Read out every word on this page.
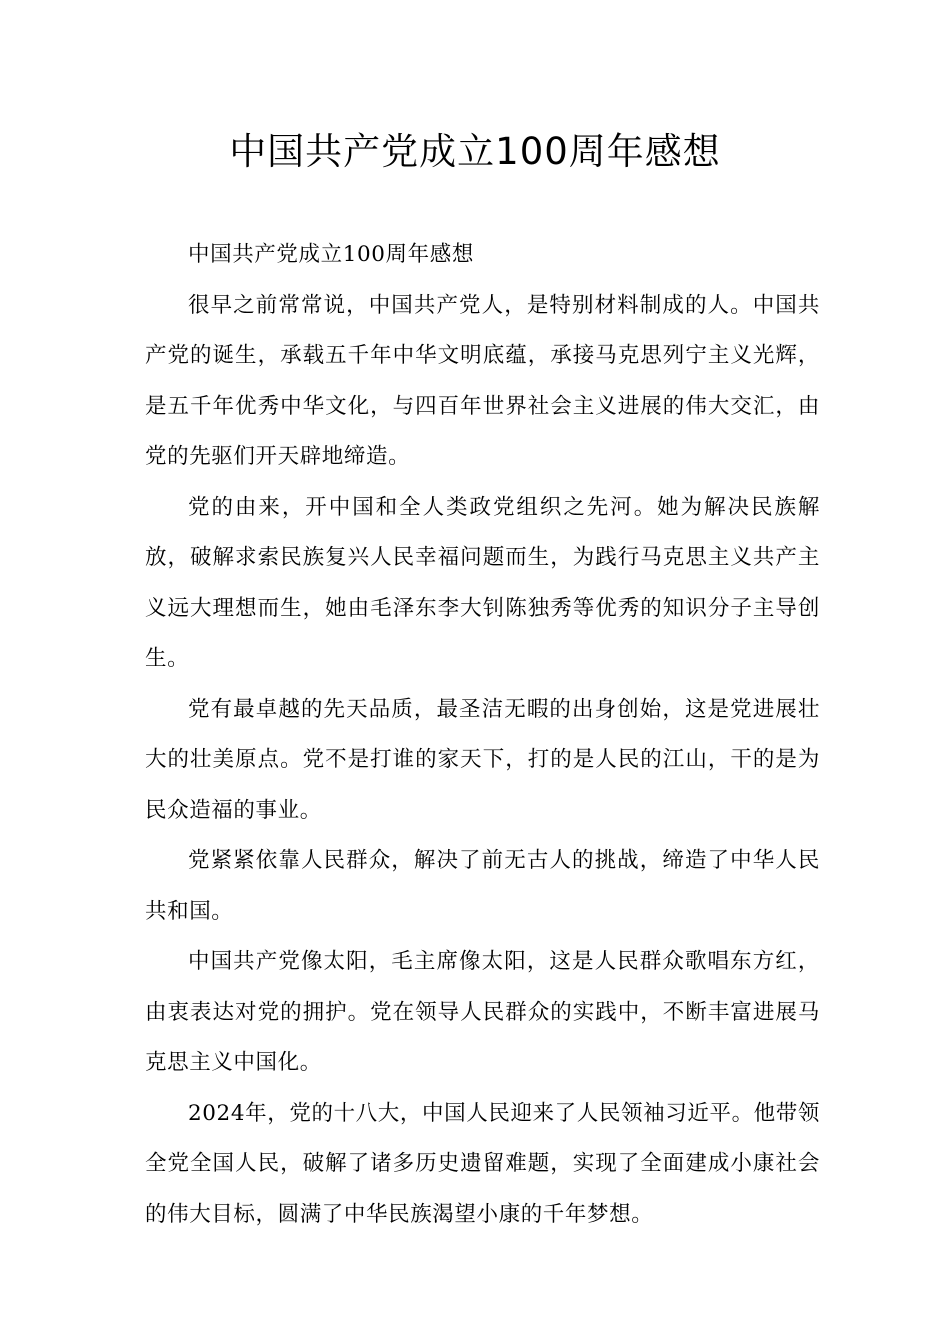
中国共产党成立100周年感想

中国共产党成立100周年感想

很早之前常常说，中国共产党人，是特别材料制成的人。中国共产党的诞生，承载五千年中华文明底蕴，承接马克思列宁主义光辉，是五千年优秀中华文化，与四百年世界社会主义进展的伟大交汇，由党的先驱们开天辟地缔造。

党的由来，开中国和全人类政党组织之先河。她为解决民族解放，破解求索民族复兴人民幸福问题而生，为践行马克思主义共产主义远大理想而生，她由毛泽东李大钊陈独秀等优秀的知识分子主导创生。

党有最卓越的先天品质，最圣洁无暇的出身创始，这是党进展壮大的壮美原点。党不是打谁的家天下，打的是人民的江山，干的是为民众造福的事业。

党紧紧依靠人民群众，解决了前无古人的挑战，缔造了中华人民共和国。

中国共产党像太阳，毛主席像太阳，这是人民群众歌唱东方红，由衷表达对党的拥护。党在领导人民群众的实践中，不断丰富进展马克思主义中国化。

2024年，党的十八大，中国人民迎来了人民领袖习近平。他带领全党全国人民，破解了诸多历史遗留难题，实现了全面建成小康社会的伟大目标，圆满了中华民族渴望小康的千年梦想。
